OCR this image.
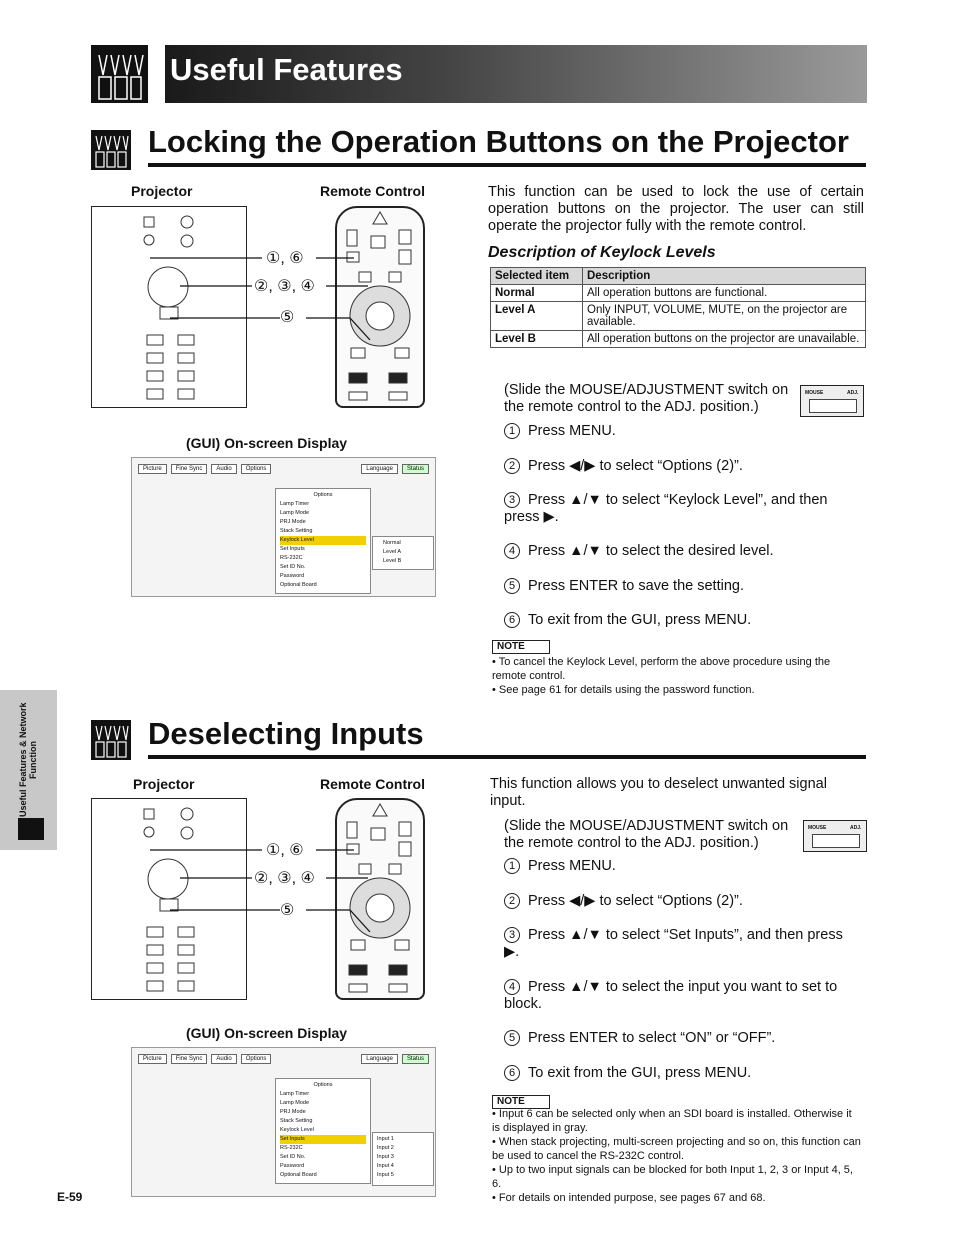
Useful Features
Locking the Operation Buttons on the Projector
Projector	Remote Control
①, ⑥
②, ③, ④
⑤
(GUI) On-screen Display
Picture	Fine Sync	Audio	Options	Language	Status
Options
Lamp Timer
Lamp Mode
PRJ Mode
Stack Setting
Keylock Level
Set Inputs
RS-232C
Set ID No.
Password
Optional Board
Normal
Level A
Level B
This function can be used to lock the use of certain operation buttons on the projector. The user can still operate the projector fully with the remote control.
Description of Keylock Levels
Selected item	Description
Normal	All operation buttons are functional.
Level A	Only INPUT, VOLUME, MUTE, on the projector are available.
Level B	All operation buttons on the projector are unavailable.
(Slide the MOUSE/ADJUSTMENT switch on the remote control to the ADJ. position.)
MOUSE	ADJ.
1 Press MENU.
2 Press ◀/▶ to select “Options (2)”.
3 Press ▲/▼ to select “Keylock Level”, and then press ▶.
4 Press ▲/▼ to select the desired level.
5 Press ENTER to save the setting.
6 To exit from the GUI, press MENU.
NOTE
• To cancel the Keylock Level, perform the above procedure using the remote control.
• See page 61 for details using the password function.
Deselecting Inputs
Projector	Remote Control
①, ⑥
②, ③, ④
⑤
(GUI) On-screen Display
Picture	Fine Sync	Audio	Options	Language	Status
Options
Lamp Timer
Lamp Mode
PRJ Mode
Stack Setting
Keylock Level
Set Inputs
RS-232C
Set ID No.
Password
Optional Board
Input 1
Input 2
Input 3
Input 4
Input 5
This function allows you to deselect unwanted signal input.
(Slide the MOUSE/ADJUSTMENT switch on the remote control to the ADJ. position.)
MOUSE	ADJ.
1 Press MENU.
2 Press ◀/▶ to select “Options (2)”.
3 Press ▲/▼ to select “Set Inputs”, and then press ▶.
4 Press ▲/▼ to select the input you want to set to block.
5 Press ENTER to select “ON” or “OFF”.
6 To exit from the GUI, press MENU.
NOTE
• Input 6 can be selected only when an SDI board is installed. Otherwise it is displayed in gray.
• When stack projecting, multi-screen projecting and so on, this function can be used to cancel the RS-232C control.
• Up to two input signals can be blocked for both Input 1, 2, 3 or Input 4, 5, 6.
• For details on intended purpose, see pages 67 and 68.
Useful Features & Network Function
E-59
